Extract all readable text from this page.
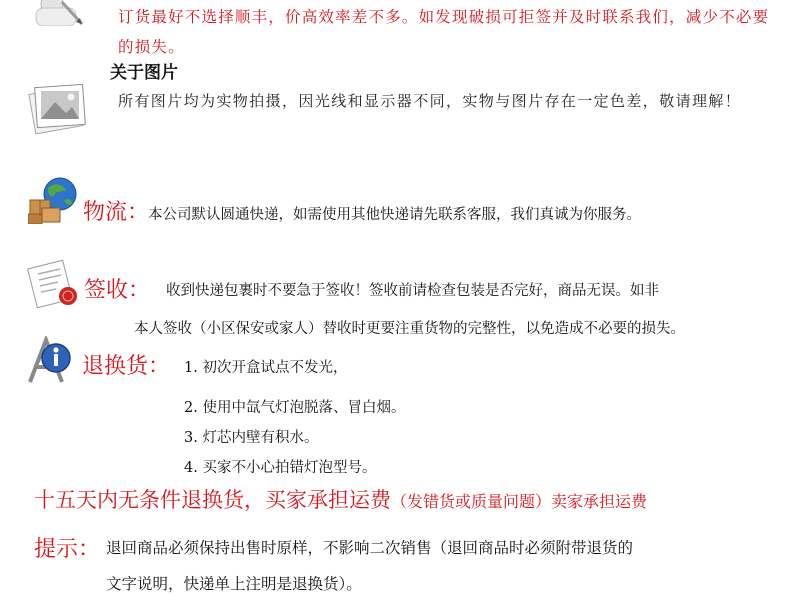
订货最好不选择顺丰，价高效率差不多。如发现破损可拒签并及时联系我们，减少不必要的损失。
关于图片
所有图片均为实物拍摄，因光线和显示器不同，实物与图片存在一定色差，敬请理解！
物流：
本公司默认圆通快递，如需使用其他快递请先联系客服，我们真诚为你服务。
签收： 收到快递包裹时不要急于签收！签收前请检查包装是否完好，商品无误。如非
本人签收（小区保安或家人）替收时更要注重货物的完整性，以免造成不必要的损失。
退换货： 1. 初次开盒试点不发光，
2. 使用中氙气灯泡脱落、冒白烟。
3. 灯芯内壁有积水。
4. 买家不小心拍错灯泡型号。
十五天内无条件退换货，买家承担运费（发错货或质量问题）卖家承担运费
提示： 退回商品必须保持出售时原样，不影响二次销售（退回商品时必须附带退货的
文字说明，快递单上注明是退换货）。
